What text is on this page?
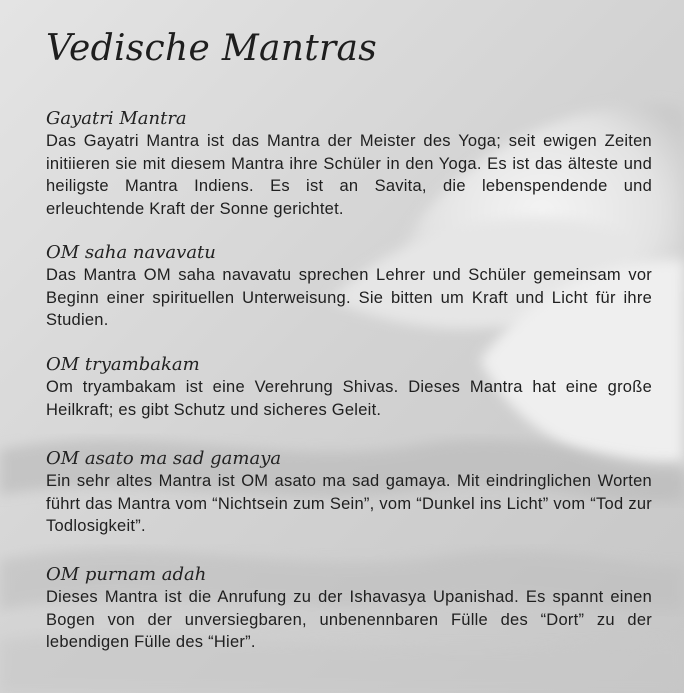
Vedische Mantras

Gayatri Mantra

Das Gayatri Mantra ist das Mantra der Meister des Yoga; seit ewigen Zeiten initiieren sie mit diesem Mantra ihre Schüler in den Yoga. Es ist das älteste und heiligste Mantra Indiens. Es ist an Savita, die lebenspendende und erleuchtende Kraft der Sonne gerichtet.

OM saha navavatu

Das Mantra OM saha navavatu sprechen Lehrer und Schüler gemeinsam vor Beginn einer spirituellen Unterweisung. Sie bitten um Kraft und Licht für ihre Studien.

OM tryambakam

Om tryambakam ist eine Verehrung Shivas. Dieses Mantra hat eine große Heilkraft; es gibt Schutz und sicheres Geleit.

OM asato ma sad gamaya

Ein sehr altes Mantra ist OM asato ma sad gamaya. Mit eindringlichen Worten führt das Mantra vom “Nichtsein zum Sein”, vom “Dunkel ins Licht” vom “Tod zur Todlosigkeit”.

OM purnam adah

Dieses Mantra ist die Anrufung zu der Ishavasya Upanishad. Es spannt einen Bogen von der unversiegbaren, unbenennbaren Fülle des “Dort” zu der lebendigen Fülle des “Hier”.
